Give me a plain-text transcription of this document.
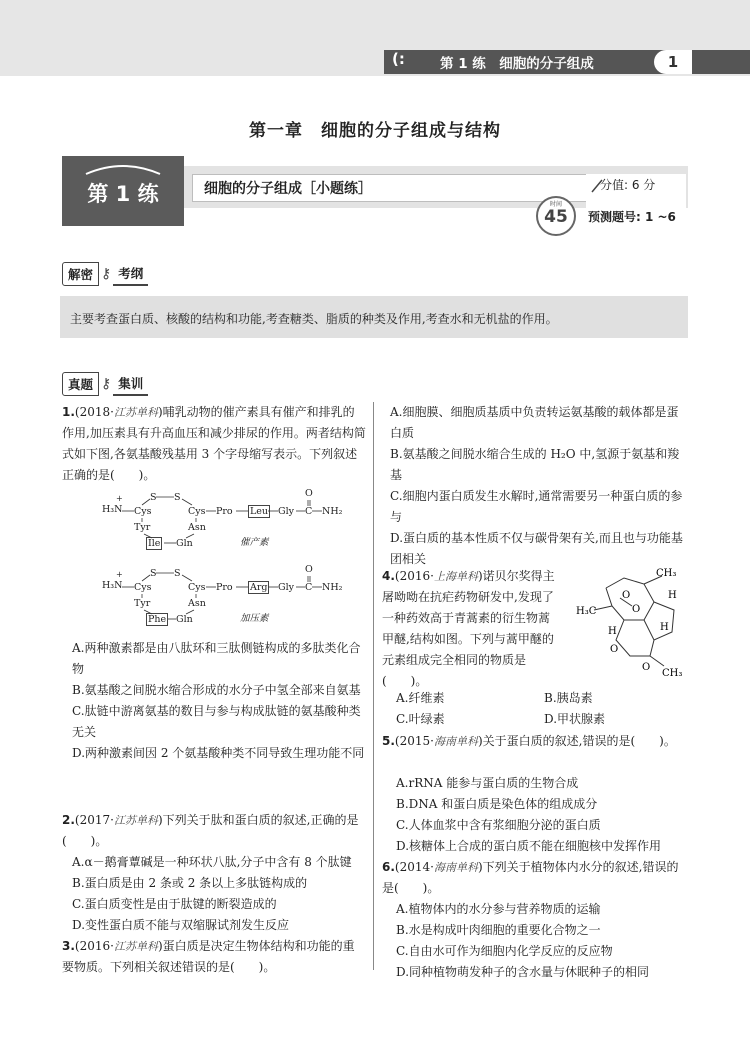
(:	第 1 练　细胞的分子组成	1
第一章　细胞的分子组成与结构
第 1 练	细胞的分子组成［小题练］	分值: 6 分
预测题号: 1 ~6
时间
45
解密 ⚷ 考纲
主要考查蛋白质、核酸的结构和功能,考查糖类、脂质的种类及作用,考查水和无机盐的作用。
真题 ⚷ 集训
1.(2018·江苏单科)哺乳动物的催产素具有催产和排乳的作用,加压素具有升高血压和减少排尿的作用。两者结构简式如下图,各氨基酸残基用 3 个字母缩写表示。下列叙述正确的是(　　)。
H₃N
+	S S
Cys	Cys Pro Leu Gly C
O
NH₂
Tyr	Asn
Ile Gln	催产素
H₃N
+	S S
Cys	Cys Pro Arg Gly C
O
NH₂
Tyr	Asn
Phe Gln	加压素
A.两种激素都是由八肽环和三肽侧链构成的多肽类化合物
B.氨基酸之间脱水缩合形成的水分子中氢全部来自氨基
C.肽链中游离氨基的数目与参与构成肽链的氨基酸种类无关
D.两种激素间因 2 个氨基酸种类不同导致生理功能不同
2.(2017·江苏单科)下列关于肽和蛋白质的叙述,正确的是(　　)。
A.α－鹅膏蕈碱是一种环状八肽,分子中含有 8 个肽键
B.蛋白质是由 2 条或 2 条以上多肽链构成的
C.蛋白质变性是由于肽键的断裂造成的
D.变性蛋白质不能与双缩脲试剂发生反应
3.(2016·江苏单科)蛋白质是决定生物体结构和功能的重要物质。下列相关叙述错误的是(　　)。
A.细胞膜、细胞质基质中负责转运氨基酸的载体都是蛋白质
B.氨基酸之间脱水缩合生成的 H₂O 中,氢源于氨基和羧基
C.细胞内蛋白质发生水解时,通常需要另一种蛋白质的参与
D.蛋白质的基本性质不仅与碳骨架有关,而且也与功能基团相关
4.(2016·上海单科)诺贝尔奖得主屠呦呦在抗疟药物研发中,发现了一种药效高于青蒿素的衍生物蒿甲醚,结构如图。下列与蒿甲醚的元素组成完全相同的物质是(　　)。
H₃C
CH₃
CH₃
O
O
O
O
H	H
H
A.纤维素	B.胰岛素
C.叶绿素	D.甲状腺素
5.(2015·海南单科)关于蛋白质的叙述,错误的是(　　)。
A.rRNA 能参与蛋白质的生物合成
B.DNA 和蛋白质是染色体的组成成分
C.人体血浆中含有浆细胞分泌的蛋白质
D.核糖体上合成的蛋白质不能在细胞核中发挥作用
6.(2014·海南单科)下列关于植物体内水分的叙述,错误的是(　　)。
A.植物体内的水分参与营养物质的运输
B.水是构成叶肉细胞的重要化合物之一
C.自由水可作为细胞内化学反应的反应物
D.同种植物萌发种子的含水量与休眠种子的相同
